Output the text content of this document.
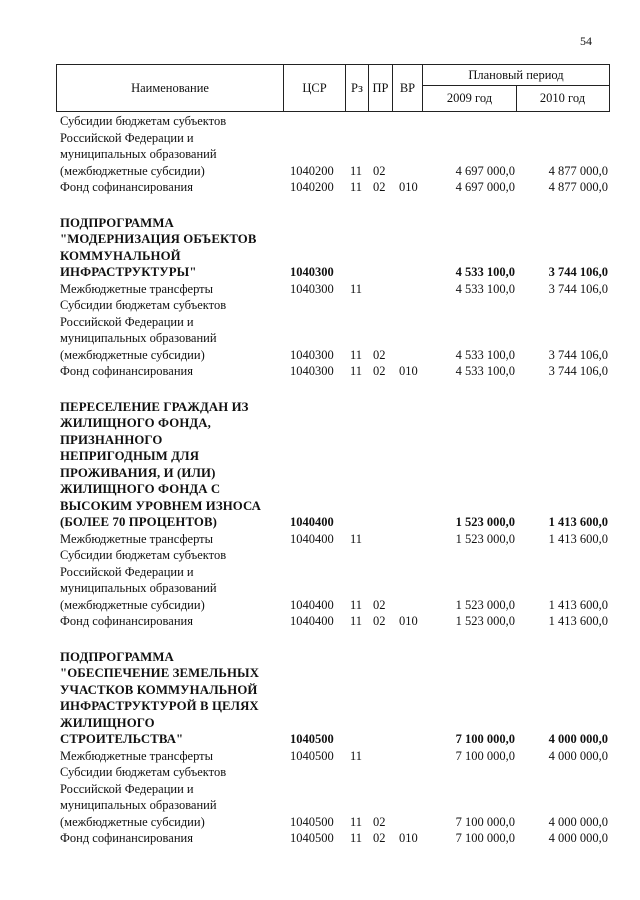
54
Наименование	ЦСР	Рз ПР ВР
Плановый период
2009 год	2010 год
Субсидии бюджетам субъектов
Российской Федерации и
муниципальных образований
(межбюджетные субсидии)	1040200 11 02	4 697 000,0	4 877 000,0
Фонд софинансирования	1040200 11 02 010	4 697 000,0	4 877 000,0
ПОДПРОГРАММА
"МОДЕРНИЗАЦИЯ ОБЪЕКТОВ
КОММУНАЛЬНОЙ
ИНФРАСТРУКТУРЫ"	1040300	4 533 100,0	3 744 106,0
Межбюджетные трансферты	1040300 11	4 533 100,0	3 744 106,0
Субсидии бюджетам субъектов
Российской Федерации и
муниципальных образований
(межбюджетные субсидии)	1040300 11 02	4 533 100,0	3 744 106,0
Фонд софинансирования	1040300 11 02 010	4 533 100,0	3 744 106,0
ПЕРЕСЕЛЕНИЕ ГРАЖДАН ИЗ
ЖИЛИЩНОГО ФОНДА,
ПРИЗНАННОГО
НЕПРИГОДНЫМ ДЛЯ
ПРОЖИВАНИЯ, И (ИЛИ)
ЖИЛИЩНОГО ФОНДА С
ВЫСОКИМ УРОВНЕМ ИЗНОСА
(БОЛЕЕ 70 ПРОЦЕНТОВ)	1040400	1 523 000,0	1 413 600,0
Межбюджетные трансферты	1040400 11	1 523 000,0	1 413 600,0
Субсидии бюджетам субъектов
Российской Федерации и
муниципальных образований
(межбюджетные субсидии)	1040400 11 02	1 523 000,0	1 413 600,0
Фонд софинансирования	1040400 11 02 010	1 523 000,0	1 413 600,0
ПОДПРОГРАММА
"ОБЕСПЕЧЕНИЕ ЗЕМЕЛЬНЫХ
УЧАСТКОВ КОММУНАЛЬНОЙ
ИНФРАСТРУКТУРОЙ В ЦЕЛЯХ
ЖИЛИЩНОГО
СТРОИТЕЛЬСТВА"	1040500	7 100 000,0	4 000 000,0
Межбюджетные трансферты	1040500 11	7 100 000,0	4 000 000,0
Субсидии бюджетам субъектов
Российской Федерации и
муниципальных образований
(межбюджетные субсидии)	1040500 11 02	7 100 000,0	4 000 000,0
Фонд софинансирования	1040500 11 02 010	7 100 000,0	4 000 000,0
